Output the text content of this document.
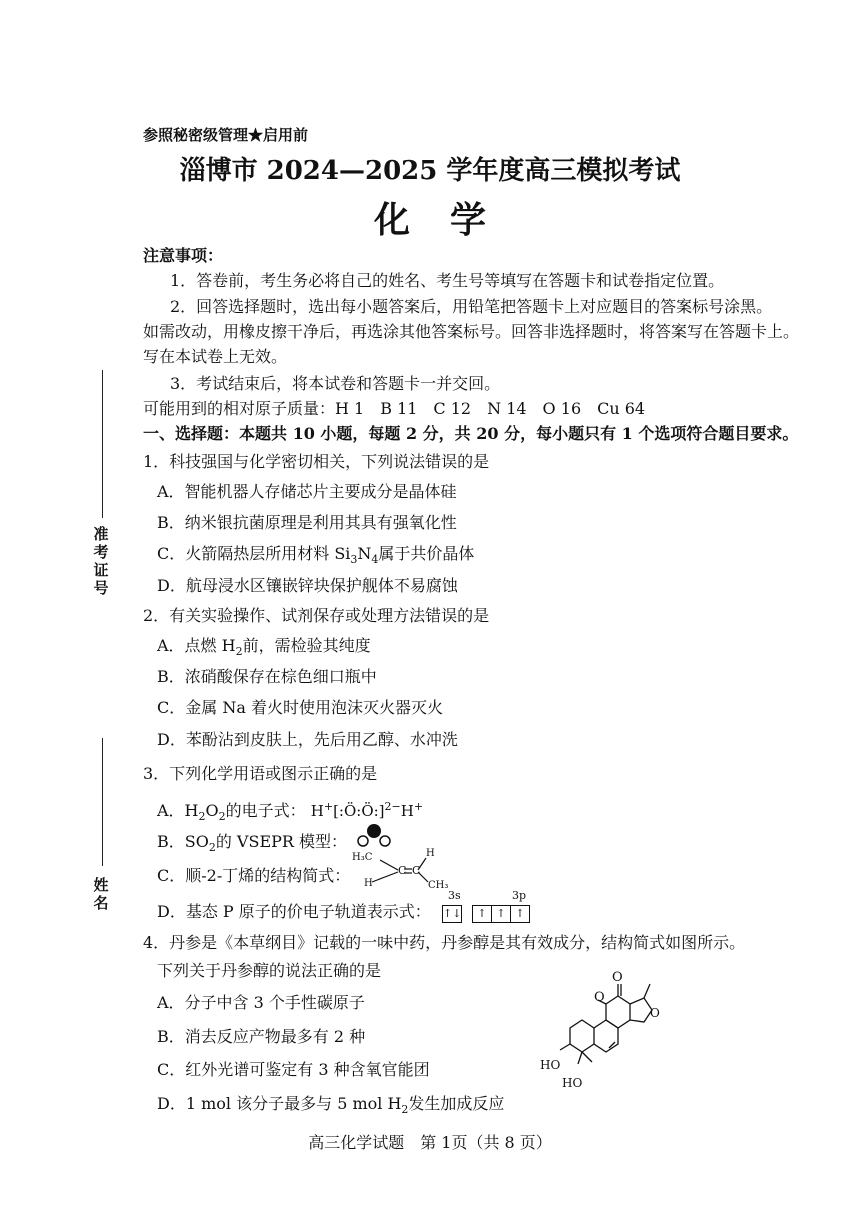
参照秘密级管理★启用前
淄博市 2024—2025 学年度高三模拟考试
化学
准考证号
姓名
注意事项：
1．答卷前，考生务必将自己的姓名、考生号等填写在答题卡和试卷指定位置。
2．回答选择题时，选出每小题答案后，用铅笔把答题卡上对应题目的答案标号涂黑。
如需改动，用橡皮擦干净后，再选涂其他答案标号。回答非选择题时，将答案写在答题卡上。
写在本试卷上无效。
3．考试结束后，将本试卷和答题卡一并交回。
可能用到的相对原子质量：H 1　B 11　C 12　N 14　O 16　Cu 64
一、选择题：本题共 10 小题，每题 2 分，共 20 分，每小题只有 1 个选项符合题目要求。
1．科技强国与化学密切相关，下列说法错误的是
A．智能机器人存储芯片主要成分是晶体硅
B．纳米银抗菌原理是利用其具有强氧化性
C．火箭隔热层所用材料 $Si_3N_4$属于共价晶体
D．航母浸水区镶嵌锌块保护舰体不易腐蚀
2．有关实验操作、试剂保存或处理方法错误的是
A．点燃 $H_2$前，需检验其纯度
B．浓硝酸保存在棕色细口瓶中
C．金属 Na 着火时使用泡沫灭火器灭火
D．苯酚沾到皮肤上，先后用乙醇、水冲洗
3．下列化学用语或图示正确的是
A．$H_2O_2$的电子式： H+[:Ö:Ö:]$^{2-}$H+
B．$SO_2$的 VSEPR 模型：
C．顺-2-丁烯的结构简式：
H₃C
H
C C
H
CH₃
D．基态 P 原子的价电子轨道表示式：
3s	3p
↑↓ ↑ ↑ ↑
4．丹参是《本草纲目》记载的一味中药，丹参醇是其有效成分，结构简式如图所示。
下列关于丹参醇的说法正确的是
A．分子中含 3 个手性碳原子
B．消去反应产物最多有 2 种
C．红外光谱可鉴定有 3 种含氧官能团
D．1 mol 该分子最多与 5 mol $H_2$发生加成反应
O
O
O
HO
HO
高三化学试题　第 1页（共 8 页）
